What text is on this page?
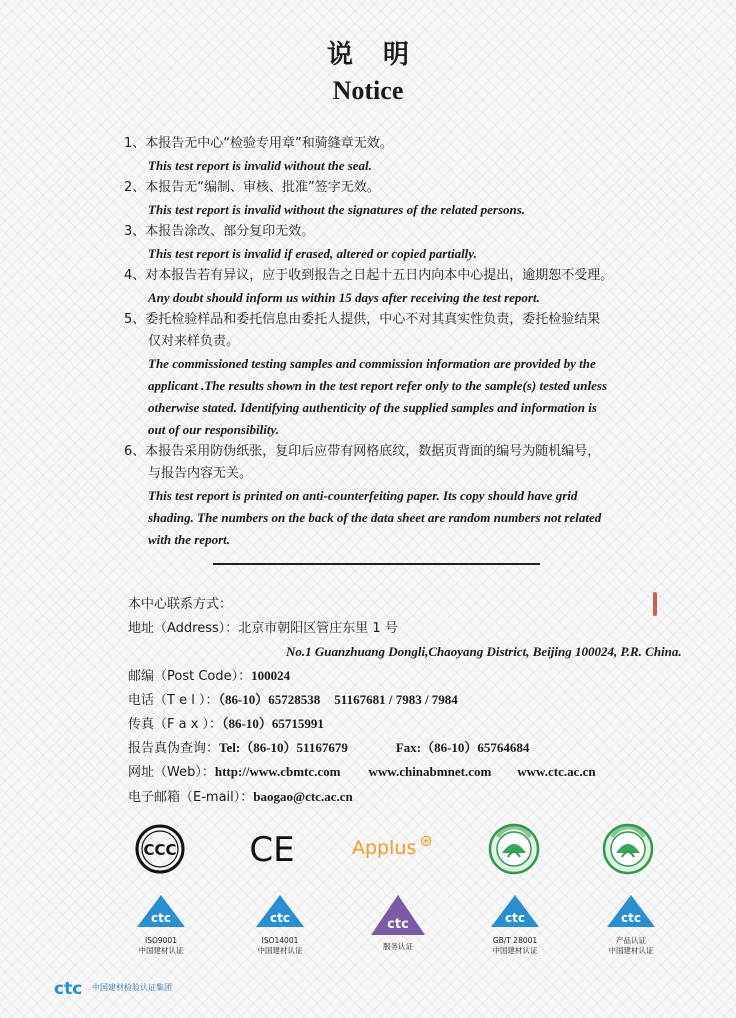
说明
Notice
1、本报告无中心“检验专用章”和骑缝章无效。
This test report is invalid without the seal.
2、本报告无“编制、审核、批准”签字无效。
This test report is invalid without the signatures of the related persons.
3、本报告涂改、部分复印无效。
This test report is invalid if erased, altered or copied partially.
4、对本报告若有异议，应于收到报告之日起十五日内向本中心提出，逾期恕不受理。
Any doubt should inform us within 15 days after receiving the test report.
5、委托检验样品和委托信息由委托人提供，中心不对其真实性负责，委托检验结果
仅对来样负责。
The commissioned testing samples and commission information are provided by the
applicant .The results shown in the test report refer only to the sample(s) tested unless
otherwise stated. Identifying authenticity of the supplied samples and information is
out of our responsibility.
6、本报告采用防伪纸张，复印后应带有网格底纹，数据页背面的编号为随机编号，
与报告内容无关。
This test report is printed on anti-counterfeiting paper. Its copy should have grid
shading. The numbers on the back of the data sheet are random numbers not related
with the report.
本中心联系方式：
地址（Address）：北京市朝阳区管庄东里 1 号
No.1 Guanzhuang Dongli,Chaoyang District, Beijing 100024, P.R. China.
邮编（Post Code）：100024
电话（T e l ）：（86-10）65728538 51167681 / 7983 / 7984
传真（F a x ）：（86-10）65715991
报告真伪查询：Tel:（86-10）51167679	Fax:（86-10）65764684
网址（Web）：http://www.cbmtc.com www.chinabmnet.com www.ctc.ac.cn
电子邮箱（E-mail）：baogao@ctc.ac.cn
CCC CE	Applus
ctc
ISO9001
中国建材认证
ctc
ISO14001
中国建材认证
ctc
服务认证
ctc
GB/T 28001
中国建材认证
ctc
产品认证
中国建材认证
ctc 中国建材检验认证集团
